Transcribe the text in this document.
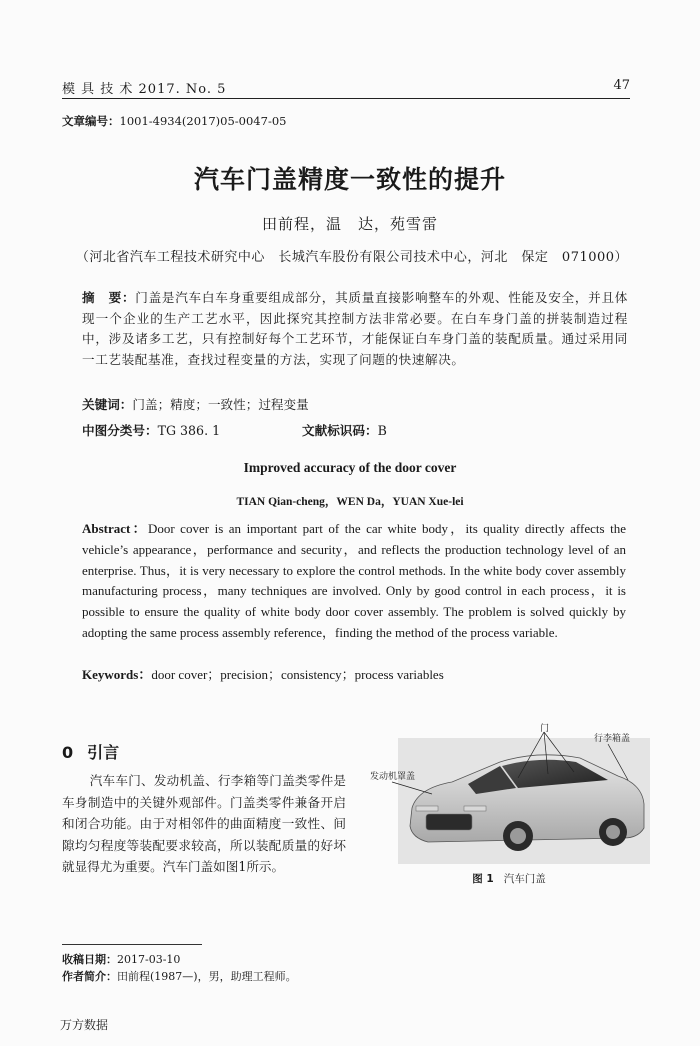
模 具 技 术 2017. No. 5	47
文章编号：1001-4934(2017)05-0047-05
汽车门盖精度一致性的提升
田前程，温　达，苑雪雷
（河北省汽车工程技术研究中心　长城汽车股份有限公司技术中心，河北　保定　071000）
摘　要：门盖是汽车白车身重要组成部分，其质量直接影响整车的外观、性能及安全，并且体现一个企业的生产工艺水平，因此探究其控制方法非常必要。在白车身门盖的拼装制造过程中，涉及诸多工艺，只有控制好每个工艺环节，才能保证白车身门盖的装配质量。通过采用同一工艺装配基准，查找过程变量的方法，实现了问题的快速解决。
关键词：门盖；精度；一致性；过程变量
中图分类号：TG 386. 1	文献标识码：B
Improved accuracy of the door cover
TIAN Qian-cheng，WEN Da，YUAN Xue-lei
Abstract：Door cover is an important part of the car white body，its quality directly affects the vehicle’s appearance，performance and security，and reflects the production technology level of an enterprise. Thus，it is very necessary to explore the control methods. In the white body cover assembly manufacturing process，many techniques are involved. Only by good control in each process，it is possible to ensure the quality of white body door cover assembly. The problem is solved quickly by adopting the same process assembly reference，finding the method of the process variable.
Keywords：door cover；precision；consistency；process variables
0 引言

汽车车门、发动机盖、行李箱等门盖类零件是车身制造中的关键外观部件。门盖类零件兼备开启和闭合功能。由于对相邻件的曲面精度一致性、间隙均匀程度等装配要求较高，所以装配质量的好坏就显得尤为重要。汽车门盖如图1所示。

门
行李箱盖
发动机罩盖
图 1 汽车门盖
收稿日期：2017-03-10
作者简介：田前程(1987—)，男，助理工程师。
万方数据
